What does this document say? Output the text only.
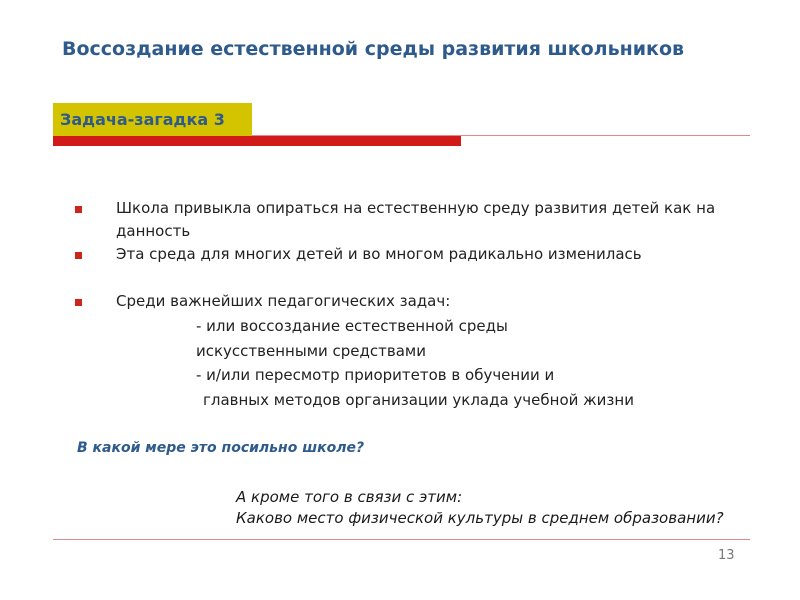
Воссоздание естественной среды развития школьников
Задача-загадка 3
Школа привыкла опираться на естественную среду развития детей как на данность
Эта среда для многих детей и во многом радикально изменилась
Среди важнейших педагогических задач:
- или воссоздание естественной среды
искусственными средствами
- и/или пересмотр приоритетов в обучении и
главных методов организации уклада учебной жизни
В какой мере это посильно школе?
А кроме того в связи с этим:
Каково место физической культуры в среднем образовании?
13
